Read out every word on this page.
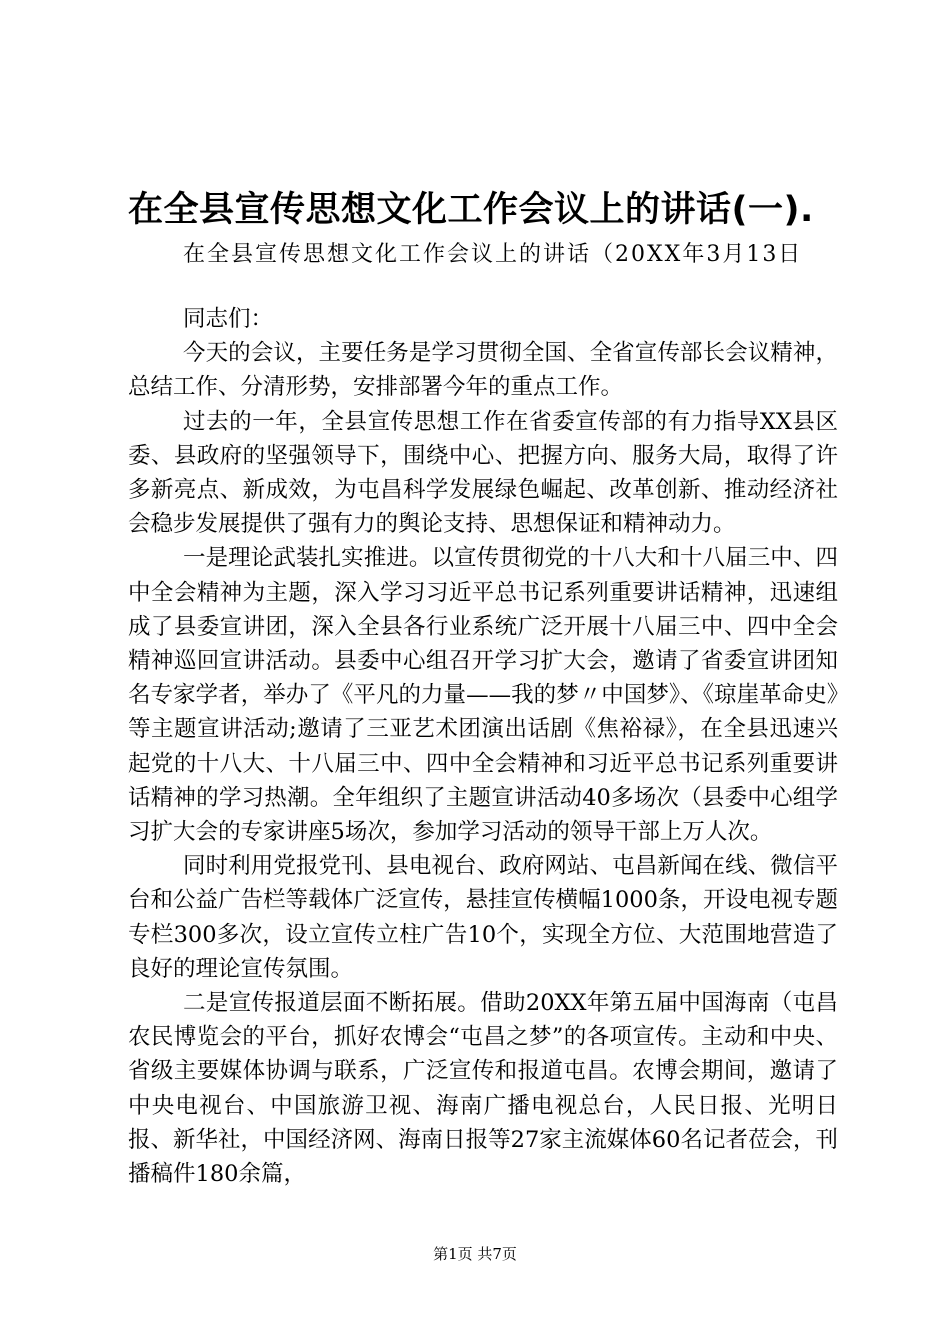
在全县宣传思想文化工作会议上的讲话(一).
在全县宣传思想文化工作会议上的讲话（20XX年3月13日

同志们：

今天的会议，主要任务是学习贯彻全国、全省宣传部长会议精神，总结工作、分清形势，安排部署今年的重点工作。

过去的一年，全县宣传思想工作在省委宣传部的有力指导XX县区委、县政府的坚强领导下，围绕中心、把握方向、服务大局，取得了许多新亮点、新成效，为屯昌科学发展绿色崛起、改革创新、推动经济社会稳步发展提供了强有力的舆论支持、思想保证和精神动力。

一是理论武装扎实推进。以宣传贯彻党的十八大和十八届三中、四中全会精神为主题，深入学习习近平总书记系列重要讲话精神，迅速组成了县委宣讲团，深入全县各行业系统广泛开展十八届三中、四中全会精神巡回宣讲活动。县委中心组召开学习扩大会，邀请了省委宣讲团知名专家学者，举办了《平凡的力量——我的梦〃中国梦》、《琼崖革命史》等主题宣讲活动;邀请了三亚艺术团演出话剧《焦裕禄》，在全县迅速兴起党的十八大、十八届三中、四中全会精神和习近平总书记系列重要讲话精神的学习热潮。全年组织了主题宣讲活动40多场次（县委中心组学习扩大会的专家讲座5场次，参加学习活动的领导干部上万人次。

同时利用党报党刊、县电视台、政府网站、屯昌新闻在线、微信平台和公益广告栏等载体广泛宣传，悬挂宣传横幅1000条，开设电视专题专栏300多次，设立宣传立柱广告10个，实现全方位、大范围地营造了良好的理论宣传氛围。

二是宣传报道层面不断拓展。借助20XX年第五届中国海南（屯昌农民博览会的平台，抓好农博会“屯昌之梦”的各项宣传。主动和中央、省级主要媒体协调与联系，广泛宣传和报道屯昌。农博会期间，邀请了中央电视台、中国旅游卫视、海南广播电视总台，人民日报、光明日报、新华社，中国经济网、海南日报等27家主流媒体60名记者莅会，刊播稿件180余篇，

第1页 共7页
